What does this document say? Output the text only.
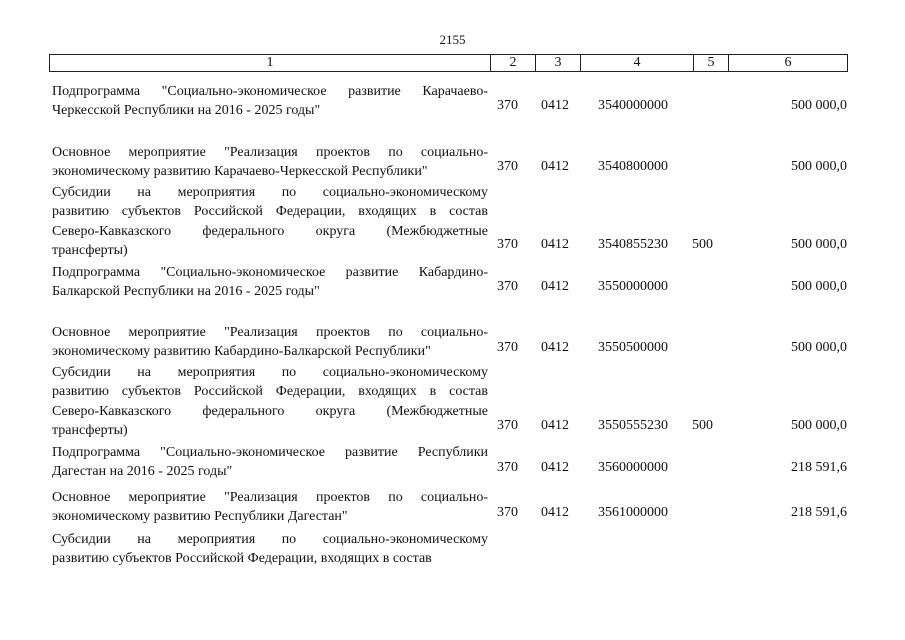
2155
1	2	3	4	5	6
Подпрограмма "Социально-экономическое развитие Карачаево-
Черкесской Республики на 2016 - 2025 годы"	370 0412 3540000000	500 000,0
Основное мероприятие "Реализация проектов по социально-
экономическому развитию Карачаево-Черкесской Республики"	370 0412 3540800000	500 000,0
Субсидии на мероприятия по социально-экономическому
развитию субъектов Российской Федерации, входящих в состав
Северо-Кавказского федерального округа (Межбюджетные
трансферты)	370 0412 3540855230 500	500 000,0
Подпрограмма "Социально-экономическое развитие Кабардино-
Балкарской Республики на 2016 - 2025 годы"	370 0412 3550000000	500 000,0
Основное мероприятие "Реализация проектов по социально-
экономическому развитию Кабардино-Балкарской Республики"	370 0412 3550500000	500 000,0
Субсидии на мероприятия по социально-экономическому
развитию субъектов Российской Федерации, входящих в состав
Северо-Кавказского федерального округа (Межбюджетные
трансферты)	370 0412 3550555230 500	500 000,0
Подпрограмма "Социально-экономическое развитие Республики
Дагестан на 2016 - 2025 годы"	370 0412 3560000000	218 591,6
Основное мероприятие "Реализация проектов по социально-
экономическому развитию Республики Дагестан"	370 0412 3561000000	218 591,6
Субсидии на мероприятия по социально-экономическому
развитию субъектов Российской Федерации, входящих в состав
